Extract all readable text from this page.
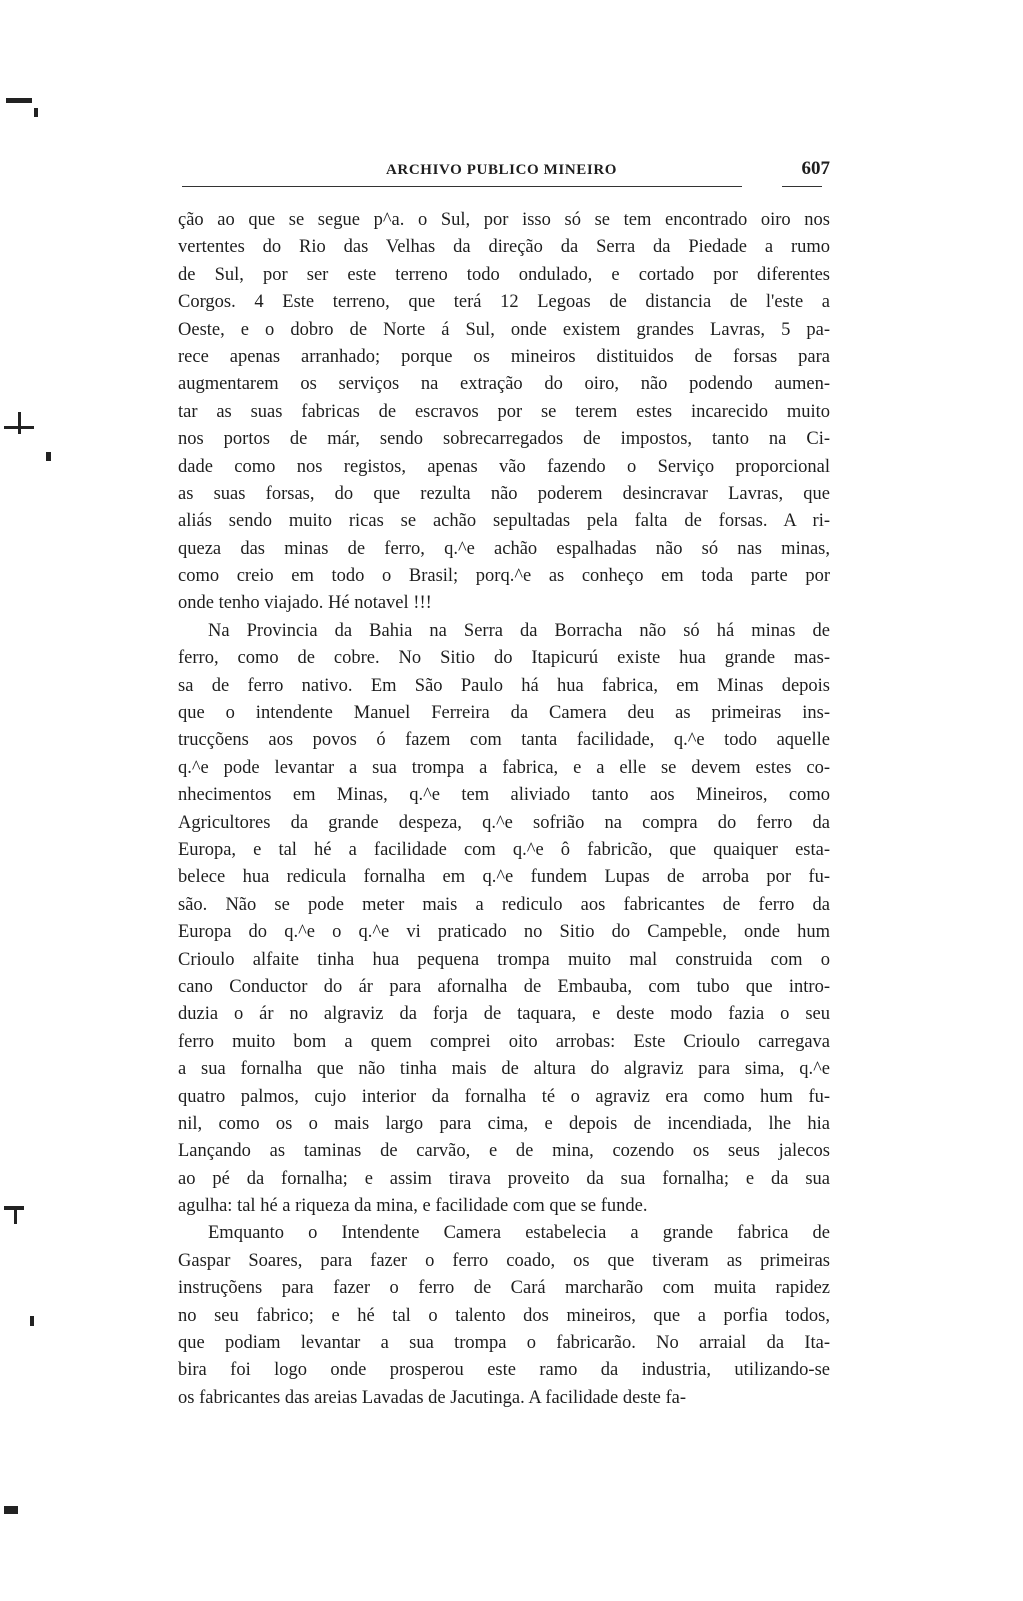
ARCHIVO PUBLICO MINEIRO	607
ção ao que se segue p^a. o Sul, por isso só se tem encontrado oiro nos
vertentes do Rio das Velhas da direção da Serra da Piedade a rumo
de Sul, por ser este terreno todo ondulado, e cortado por diferentes
Corgos. 4 Este terreno, que terá 12 Legoas de distancia de l'este a
Oeste, e o dobro de Norte á Sul, onde existem grandes Lavras, 5 pa-
rece apenas arranhado; porque os mineiros distituidos de forsas para
augmentarem os serviços na extração do oiro, não podendo aumen-
tar as suas fabricas de escravos por se terem estes incarecido muito
nos portos de már, sendo sobrecarregados de impostos, tanto na Ci-
dade como nos registos, apenas vão fazendo o Serviço proporcional
as suas forsas, do que rezulta não poderem desincravar Lavras, que
aliás sendo muito ricas se achão sepultadas pela falta de forsas. A ri-
queza das minas de ferro, q.^e achão espalhadas não só nas minas,
como creio em todo o Brasil; porq.^e as conheço em toda parte por
onde tenho viajado. Hé notavel !!!
Na Provincia da Bahia na Serra da Borracha não só há minas de
ferro, como de cobre. No Sitio do Itapicurú existe hua grande mas-
sa de ferro nativo. Em São Paulo há hua fabrica, em Minas depois
que o intendente Manuel Ferreira da Camera deu as primeiras ins-
trucçõens aos povos ó fazem com tanta facilidade, q.^e todo aquelle
q.^e pode levantar a sua trompa a fabrica, e a elle se devem estes co-
nhecimentos em Minas, q.^e tem aliviado tanto aos Mineiros, como
Agricultores da grande despeza, q.^e sofrião na compra do ferro da
Europa, e tal hé a facilidade com q.^e ô fabricão, que quaiquer esta-
belece hua redicula fornalha em q.^e fundem Lupas de arroba por fu-
são. Não se pode meter mais a rediculo aos fabricantes de ferro da
Europa do q.^e o q.^e vi praticado no Sitio do Campeble, onde hum
Crioulo alfaite tinha hua pequena trompa muito mal construida com o
cano Conductor do ár para afornalha de Embauba, com tubo que intro-
duzia o ár no algraviz da forja de taquara, e deste modo fazia o seu
ferro muito bom a quem comprei oito arrobas: Este Crioulo carregava
a sua fornalha que não tinha mais de altura do algraviz para sima, q.^e
quatro palmos, cujo interior da fornalha té o agraviz era como hum fu-
nil, como os o mais largo para cima, e depois de incendiada, lhe hia
Lançando as taminas de carvão, e de mina, cozendo os seus jalecos
ao pé da fornalha; e assim tirava proveito da sua fornalha; e da sua
agulha: tal hé a riqueza da mina, e facilidade com que se funde.
Emquanto o Intendente Camera estabelecia a grande fabrica de
Gaspar Soares, para fazer o ferro coado, os que tiveram as primeiras
instruçõens para fazer o ferro de Cará marcharão com muita rapidez
no seu fabrico; e hé tal o talento dos mineiros, que a porfia todos,
que podiam levantar a sua trompa o fabricarão. No arraial da Ita-
bira foi logo onde prosperou este ramo da industria, utilizando-se
os fabricantes das areias Lavadas de Jacutinga. A facilidade deste fa-
